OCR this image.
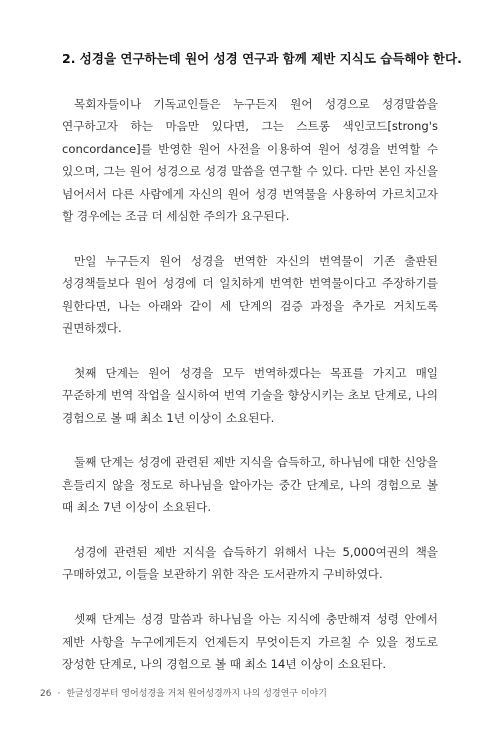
2. 성경을 연구하는데 원어 성경 연구과 함께 제반 지식도 습득해야 한다.

목회자들이나 기독교인들은 누구든지 원어 성경으로 성경말씀을 연구하고자 하는 마음만 있다면, 그는 스트롱 색인코드[strong's concordance]를 반영한 원어 사전을 이용하여 원어 성경을 번역할 수 있으며, 그는 원어 성경으로 성경 말씀을 연구할 수 있다. 다만 본인 자신을 넘어서서 다른 사람에게 자신의 원어 성경 번역물을 사용하여 가르치고자 할 경우에는 조금 더 세심한 주의가 요구된다.

만일 누구든지 원어 성경을 번역한 자신의 번역물이 기존 출판된 성경책들보다 원어 성경에 더 일치하게 번역한 번역물이다고 주장하기를 원한다면, 나는 아래와 같이 세 단계의 검증 과정을 추가로 거치도록 권면하겠다.

첫째 단계는 원어 성경을 모두 번역하겠다는 목표를 가지고 매일 꾸준하게 번역 작업을 실시하여 번역 기술을 향상시키는 초보 단계로, 나의 경험으로 볼 때 최소 1년 이상이 소요된다.

둘째 단계는 성경에 관련된 제반 지식을 습득하고, 하나님에 대한 신앙을 흔들리지 않을 정도로 하나님을 알아가는 중간 단계로, 나의 경험으로 볼 때 최소 7년 이상이 소요된다.

성경에 관련된 제반 지식을 습득하기 위해서 나는 5,000여권의 책을 구매하였고, 이들을 보관하기 위한 작은 도서관까지 구비하였다.

셋째 단계는 성경 말씀과 하나님을 아는 지식에 충만해져 성령 안에서 제반 사항을 누구에게든지 언제든지 무엇이든지 가르칠 수 있을 정도로 장성한 단계로, 나의 경험으로 볼 때 최소 14년 이상이 소요된다.

26 · 한글성경부터 영어성경을 거쳐 원어성경까지 나의 성경연구 이야기
